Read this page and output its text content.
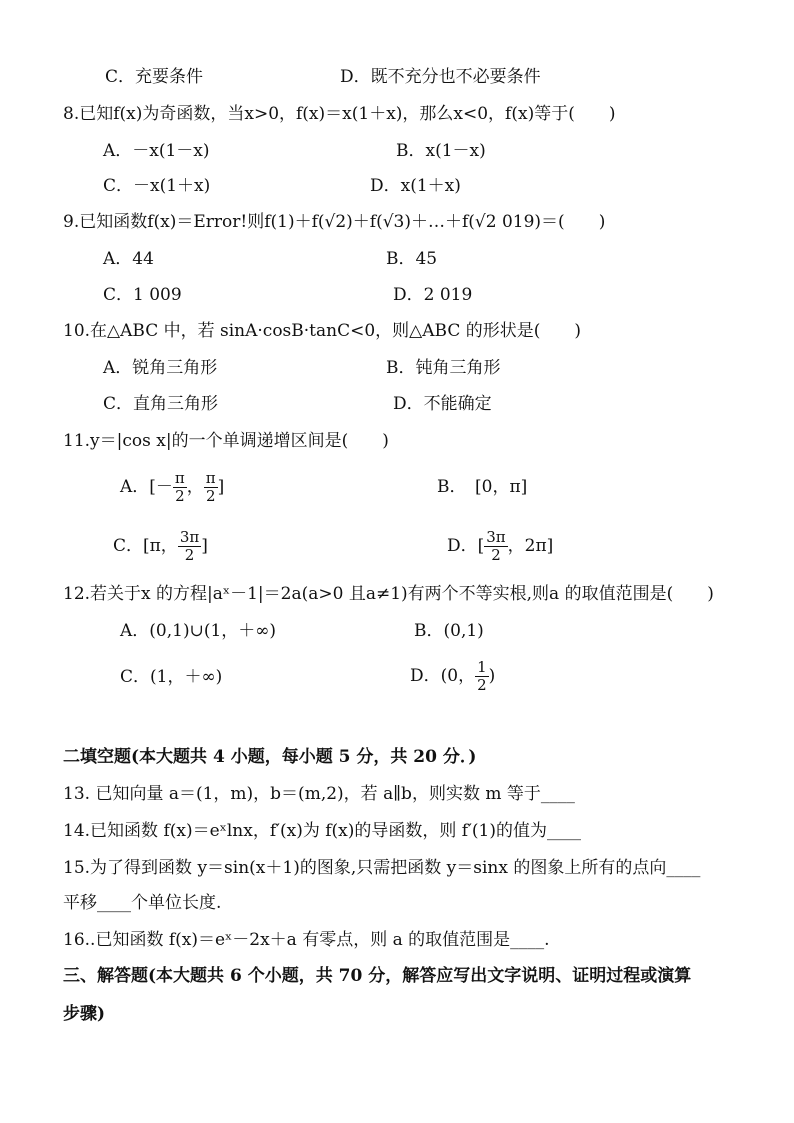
C．充要条件	D．既不充分也不必要条件
8.已知f(x)为奇函数，当x>0，f(x)＝x(1＋x)，那么x<0，f(x)等于(　　)
A．－x(1－x)	B．x(1－x)
C．－x(1＋x)	D．x(1＋x)
9.已知函数f(x)＝Error!则f(1)＋f(√2)＋f(√3)＋…＋f(√2 019)＝(　　)
A．44	B．45
C．1 009	D．2 019
10.在△ABC 中，若 sinA·cosB·tanC<0，则△ABC 的形状是(　　)
A．锐角三角形	B．钝角三角形
C．直角三角形	D．不能确定
11.y＝|cos x|的一个单调递增区间是(　　)
A．[－ $\frac{\pi}{2}$ ， $\frac{\pi}{2}$ ]	B．　[0，π]
C．[π， $\frac{3\pi}{2}$ ]	D．[ $\frac{3\pi}{2}$ ，2π]
12.若关于x 的方程|aˣ－1|＝2a(a>0 且a≠1)有两个不等实根,则a 的取值范围是(　　)
A．(0,1)∪(1，＋∞)	B．(0,1)
C．(1，＋∞)	D．(0， $\frac{1}{2}$ )
二填空题(本大题共 4 小题，每小题 5 分，共 20 分．)
13. 已知向量 a＝(1，m)，b＝(m,2)，若 a∥b，则实数 m 等于____
14.已知函数 f(x)＝eˣlnx，f′(x)为 f(x)的导函数，则 f′(1)的值为____
15.为了得到函数 y＝sin(x＋1)的图象,只需把函数 y＝sinx 的图象上所有的点向____
平移____个单位长度.
16..已知函数 f(x)＝eˣ－2x＋a 有零点，则 a 的取值范围是____.
三、解答题(本大题共 6 个小题，共 70 分，解答应写出文字说明、证明过程或演算
步骤)
